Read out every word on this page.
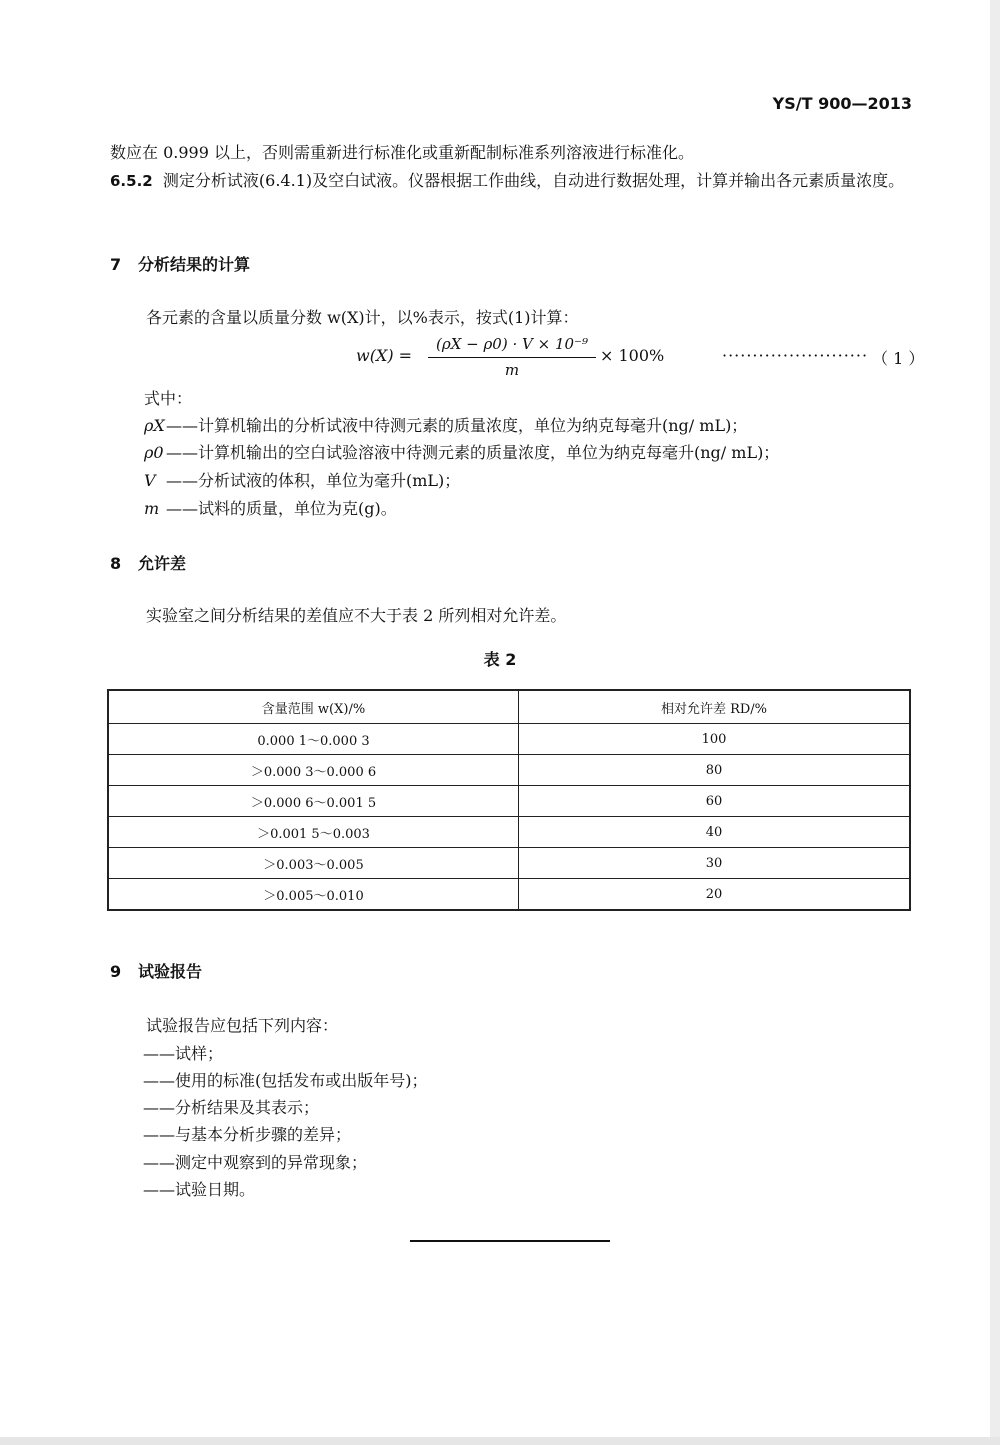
YS/T 900—2013
数应在 0.999 以上，否则需重新进行标准化或重新配制标准系列溶液进行标准化。
6.5.2 测定分析试液(6.4.1)及空白试液。仪器根据工作曲线，自动进行数据处理，计算并输出各元素质量浓度。
7 分析结果的计算
各元素的含量以质量分数 w(X)计，以%表示，按式(1)计算：
w(X) =
(ρX − ρ0) · V × 10⁻⁹
m
× 100%	························ （ 1 ）
式中：
ρX——计算机输出的分析试液中待测元素的质量浓度，单位为纳克每毫升(ng/ mL)；
ρ0 ——计算机输出的空白试验溶液中待测元素的质量浓度，单位为纳克每毫升(ng/ mL)；
V ——分析试液的体积，单位为毫升(mL)；
m ——试料的质量，单位为克(g)。
8 允许差
实验室之间分析结果的差值应不大于表 2 所列相对允许差。
表 2
含量范围 w(X)/%	相对允许差 RD/%
0.000 1～0.000 3	100
＞0.000 3～0.000 6	80
＞0.000 6～0.001 5	60
＞0.001 5～0.003	40
＞0.003～0.005	30
＞0.005～0.010	20
9 试验报告
试验报告应包括下列内容：
——试样；
——使用的标准(包括发布或出版年号)；
——分析结果及其表示；
——与基本分析步骤的差异；
——测定中观察到的异常现象；
——试验日期。
